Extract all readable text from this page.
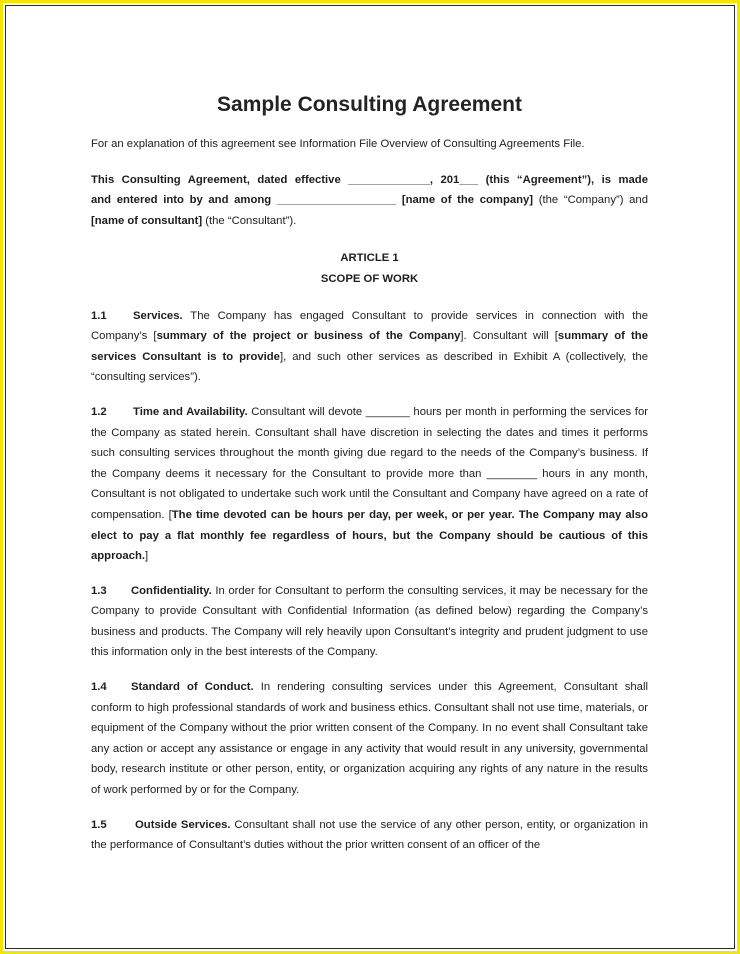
Sample Consulting Agreement

For an explanation of this agreement see Information File Overview of Consulting Agreements File.

This Consulting Agreement, dated effective _____________, 201___ (this “Agreement”), is made
and entered into by and among ___________________ [name of the company] (the “Company”) and
[name of consultant] (the “Consultant”).
ARTICLE 1
SCOPE OF WORK

1.1 Services. The Company has engaged Consultant to provide services in connection with the Company’s [summary of the project or business of the Company]. Consultant will [summary of the services Consultant is to provide], and such other services as described in Exhibit A (collectively, the “consulting services”).

1.2 Time and Availability. Consultant will devote _______ hours per month in performing the services for the Company as stated herein. Consultant shall have discretion in selecting the dates and times it performs such consulting services throughout the month giving due regard to the needs of the Company’s business. If the Company deems it necessary for the Consultant to provide more than ________ hours in any month, Consultant is not obligated to undertake such work until the Consultant and Company have agreed on a rate of compensation. [The time devoted can be hours per day, per week, or per year. The Company may also elect to pay a flat monthly fee regardless of hours, but the Company should be cautious of this approach.]

1.3 Confidentiality. In order for Consultant to perform the consulting services, it may be necessary for the Company to provide Consultant with Confidential Information (as defined below) regarding the Company’s business and products. The Company will rely heavily upon Consultant’s integrity and prudent judgment to use this information only in the best interests of the Company.

1.4 Standard of Conduct. In rendering consulting services under this Agreement, Consultant shall conform to high professional standards of work and business ethics. Consultant shall not use time, materials, or equipment of the Company without the prior written consent of the Company. In no event shall Consultant take any action or accept any assistance or engage in any activity that would result in any university, governmental body, research institute or other person, entity, or organization acquiring any rights of any nature in the results of work performed by or for the Company.

1.5	Outside Services. Consultant shall not use the service of any other person, entity, or organization in the performance of Consultant’s duties without the prior written consent of an officer of the
